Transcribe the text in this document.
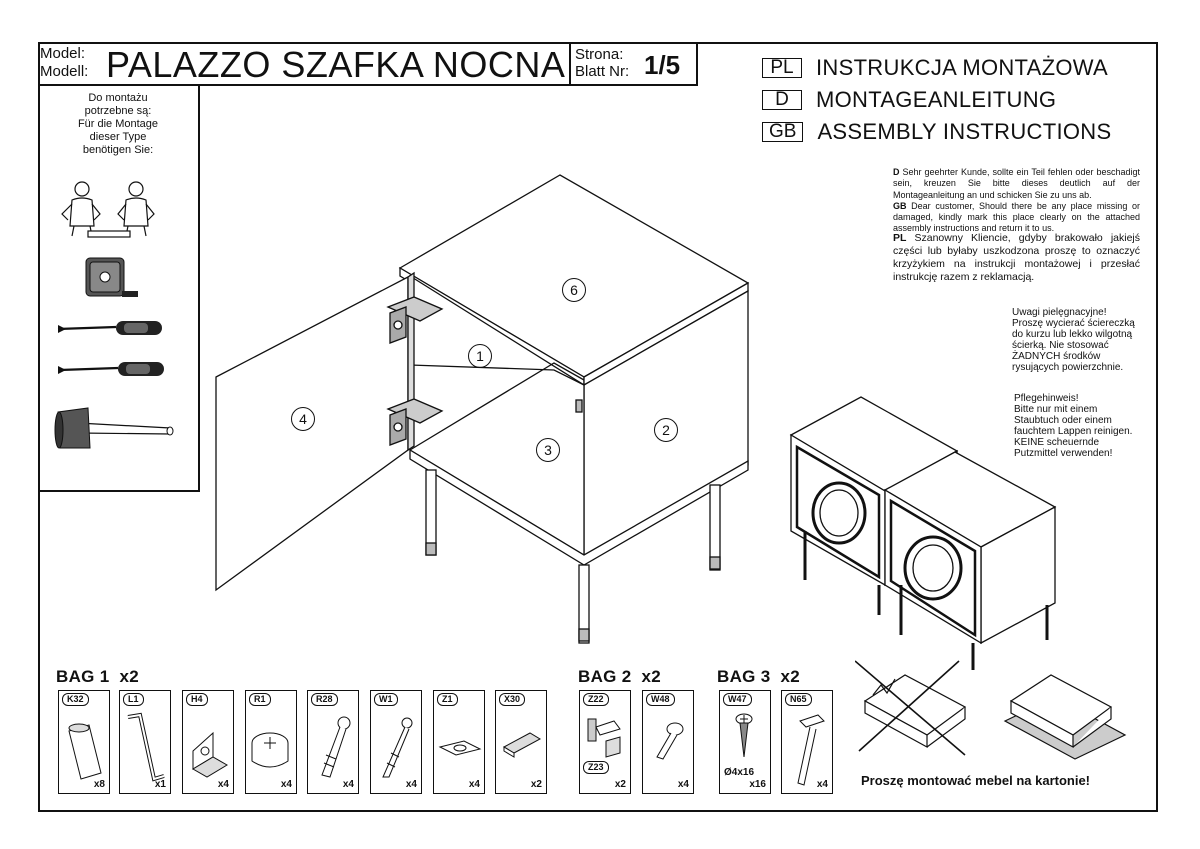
Model:
Modell: PALAZZO SZAFKA NOCNA Strona:
Blatt Nr: 1/5	PL	INSTRUKCJA MONTAŻOWA
D	MONTAGEANLEITUNG
GB ASSEMBLY INSTRUCTIONS
Do montażu
potrzebne są:
Für die Montage
dieser Type
benötigen Sie:
6
1
2
3
4
D Sehr geehrter Kunde, sollte ein Teil fehlen oder beschadigt sein, kreuzen Sie bitte dieses deutlich auf der Montageanleitung an und schicken Sie zu uns ab.
GB Dear customer, Should there be any place missing or damaged, kindly mark this place clearly on the attached assembly instructions and return it to us.
PL Szanowny Kliencie, gdyby brakowało jakiejś części lub byłaby uszkodzona proszę to oznaczyć krzyżykiem na instrukcji montażowej i przesłać instrukcję razem z reklamacją.
Uwagi pielęgnacyjne!
Proszę wycierać ściereczką
do kurzu lub lekko wilgotną
ścierką. Nie stosować
ŻADNYCH środków
rysujących powierzchnie.
Pflegehinweis!
Bitte nur mit einem
Staubtuch oder einem
fauchtem Lappen reinigen.
KEINE scheuernde
Putzmittel verwenden!
BAG 1 x2	BAG 2 x2	BAG 3 x2
K32
x8
L1
x1
H4
x4
R1
x4
R28
x4
W1
x4
Z1
x4
X30
x2
Z22
Z23
x2
W48
x4
W47
Ø4x16
x16
N65
x4	Proszę montować mebel na kartonie!
